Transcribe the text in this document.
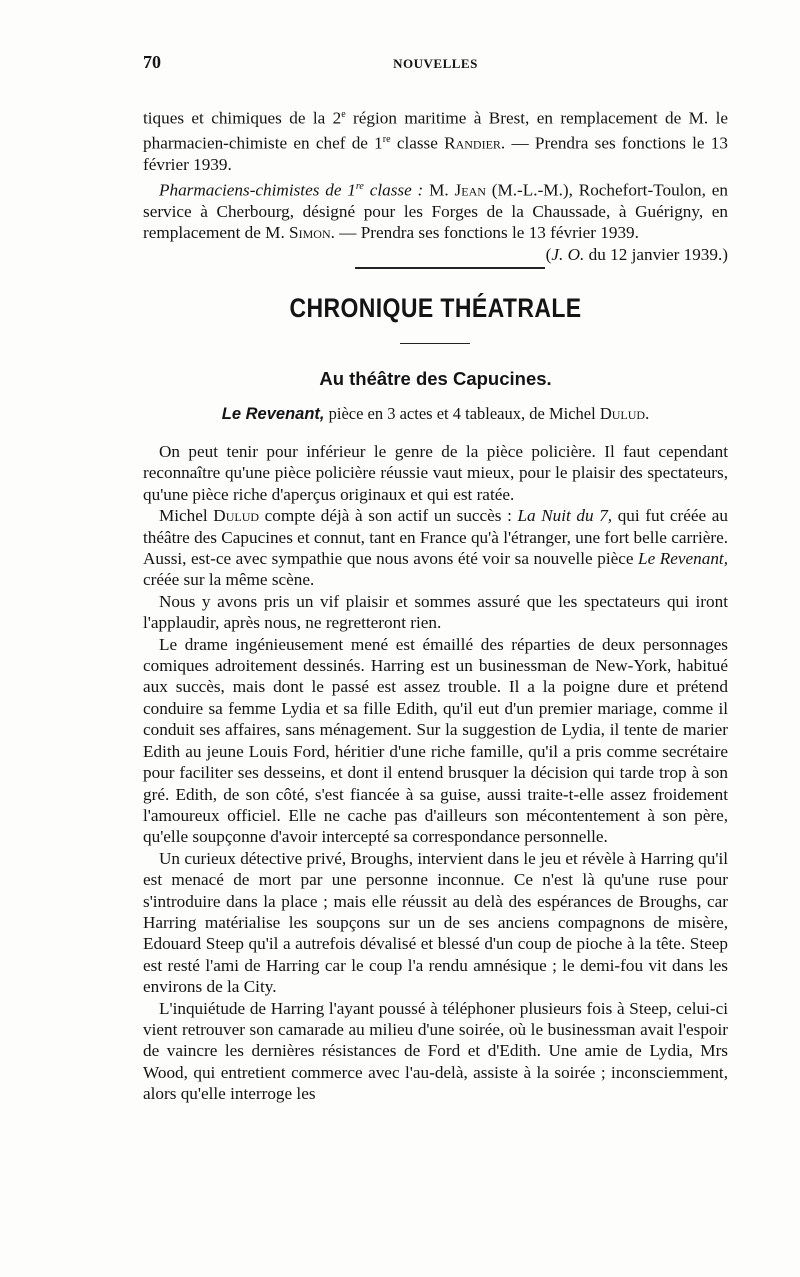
70	NOUVELLES

tiques et chimiques de la 2e région maritime à Brest, en remplacement de M. le pharmacien-chimiste en chef de 1re classe Randier. — Prendra ses fonctions le 13 février 1939.

Pharmaciens-chimistes de 1re classe : M. Jean (M.-L.-M.), Rochefort-Toulon, en service à Cherbourg, désigné pour les Forges de la Chaussade, à Guérigny, en remplacement de M. Simon. — Prendra ses fonctions le 13 février 1939.
(J. O. du 12 janvier 1939.)

CHRONIQUE THÉATRALE
Au théâtre des Capucines.
Le Revenant, pièce en 3 actes et 4 tableaux, de Michel Dulud.

On peut tenir pour inférieur le genre de la pièce policière. Il faut cependant reconnaître qu'une pièce policière réussie vaut mieux, pour le plaisir des spectateurs, qu'une pièce riche d'aperçus originaux et qui est ratée.

Michel Dulud compte déjà à son actif un succès : La Nuit du 7, qui fut créée au théâtre des Capucines et connut, tant en France qu'à l'étranger, une fort belle carrière. Aussi, est-ce avec sympathie que nous avons été voir sa nouvelle pièce Le Revenant, créée sur la même scène.

Nous y avons pris un vif plaisir et sommes assuré que les spectateurs qui iront l'applaudir, après nous, ne regretteront rien.

Le drame ingénieusement mené est émaillé des réparties de deux personnages comiques adroitement dessinés. Harring est un businessman de New-York, habitué aux succès, mais dont le passé est assez trouble. Il a la poigne dure et prétend conduire sa femme Lydia et sa fille Edith, qu'il eut d'un premier mariage, comme il conduit ses affaires, sans ménagement. Sur la suggestion de Lydia, il tente de marier Edith au jeune Louis Ford, héritier d'une riche famille, qu'il a pris comme secrétaire pour faciliter ses desseins, et dont il entend brusquer la décision qui tarde trop à son gré. Edith, de son côté, s'est fiancée à sa guise, aussi traite-t-elle assez froidement l'amoureux officiel. Elle ne cache pas d'ailleurs son mécontentement à son père, qu'elle soupçonne d'avoir intercepté sa correspondance personnelle.

Un curieux détective privé, Broughs, intervient dans le jeu et révèle à Harring qu'il est menacé de mort par une personne inconnue. Ce n'est là qu'une ruse pour s'introduire dans la place ; mais elle réussit au delà des espérances de Broughs, car Harring matérialise les soupçons sur un de ses anciens compagnons de misère, Edouard Steep qu'il a autrefois dévalisé et blessé d'un coup de pioche à la tête. Steep est resté l'ami de Harring car le coup l'a rendu amnésique ; le demi-fou vit dans les environs de la City.

L'inquiétude de Harring l'ayant poussé à téléphoner plusieurs fois à Steep, celui-ci vient retrouver son camarade au milieu d'une soirée, où le businessman avait l'espoir de vaincre les dernières résistances de Ford et d'Edith. Une amie de Lydia, Mrs Wood, qui entretient commerce avec l'au-delà, assiste à la soirée ; inconsciemment, alors qu'elle interroge les
